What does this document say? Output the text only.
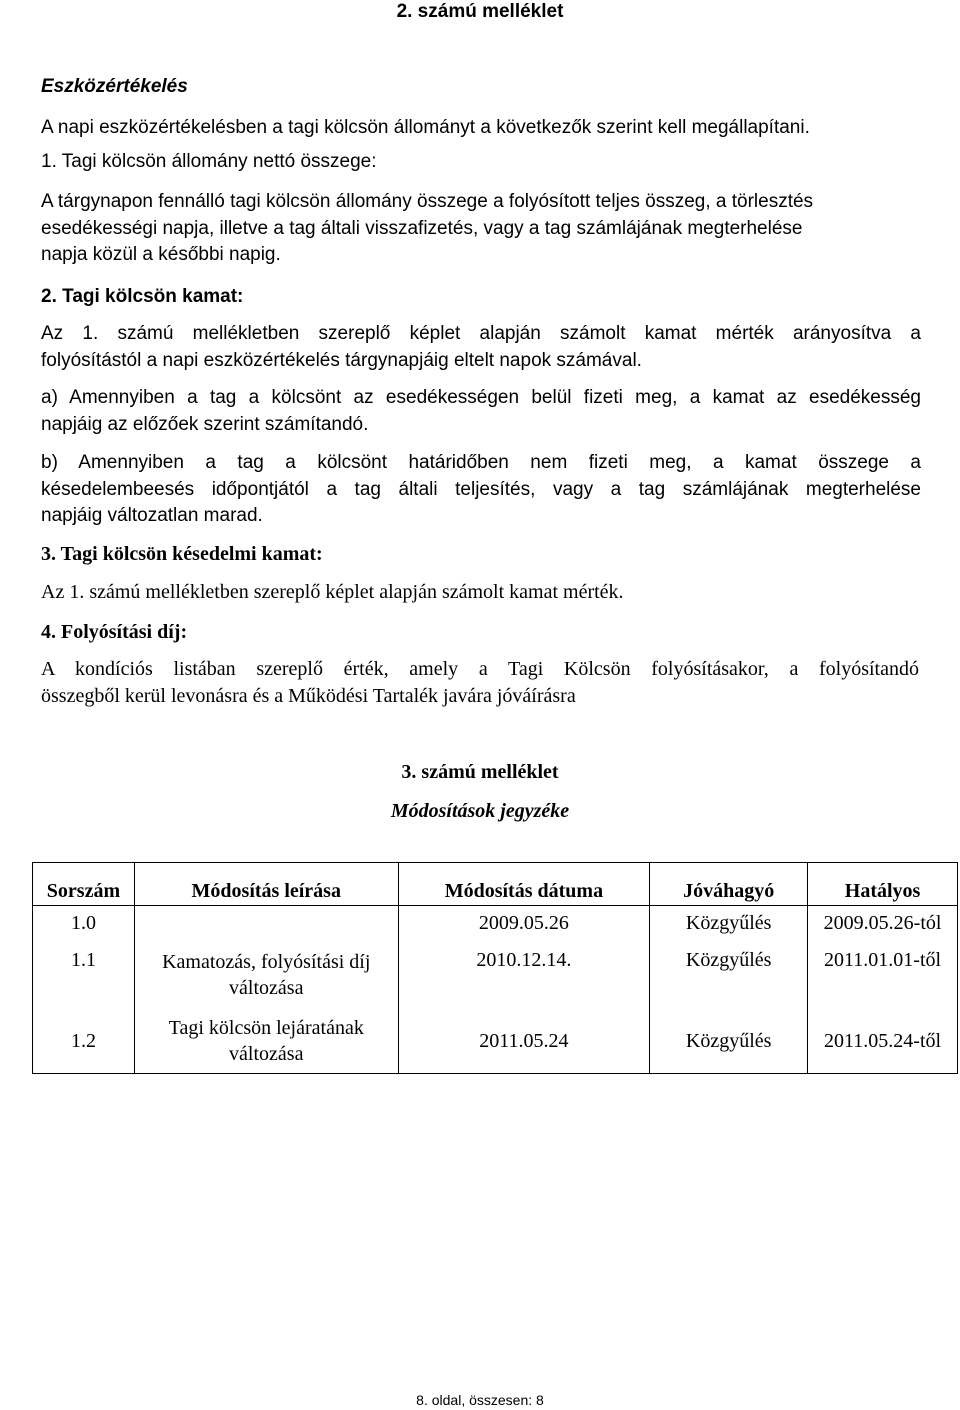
2. számú melléklet
Eszközértékelés
A napi eszközértékelésben a tagi kölcsön állományt a következők szerint kell megállapítani.
1. Tagi kölcsön állomány nettó összege:
A tárgynapon fennálló tagi kölcsön állomány összege a folyósított teljes összeg, a törlesztés
esedékességi napja, illetve a tag általi visszafizetés, vagy a tag számlájának megterhelése
napja közül a későbbi napig.
2. Tagi kölcsön kamat:
Az 1. számú mellékletben szereplő képlet alapján számolt kamat mérték arányosítva a
folyósítástól a napi eszközértékelés tárgynapjáig eltelt napok számával.
a) Amennyiben a tag a kölcsönt az esedékességen belül fizeti meg, a kamat az esedékesség
napjáig az előzőek szerint számítandó.
b) Amennyiben a tag a kölcsönt határidőben nem fizeti meg, a kamat összege a
késedelembeesés időpontjától a tag általi teljesítés, vagy a tag számlájának megterhelése
napjáig változatlan marad.
3. Tagi kölcsön késedelmi kamat:
Az 1. számú mellékletben szereplő képlet alapján számolt kamat mérték.
4. Folyósítási díj:
A kondíciós listában szereplő érték, amely a Tagi Kölcsön folyósításakor, a folyósítandó
összegből kerül levonásra és a Működési Tartalék javára jóváírásra
3. számú melléklet
Módosítások jegyzéke
Sorszám	Módosítás leírása	Módosítás dátuma	Jóváhagyó	Hatályos
1.0		2009.05.26	Közgyűlés	2009.05.26-tól
1.1	Kamatozás, folyósítási díj
változása	2010.12.14.	Közgyűlés	2011.01.01-től
1.2	Tagi kölcsön lejáratának
változása	2011.05.24	Közgyűlés	2011.05.24-től
8. oldal, összesen: 8
